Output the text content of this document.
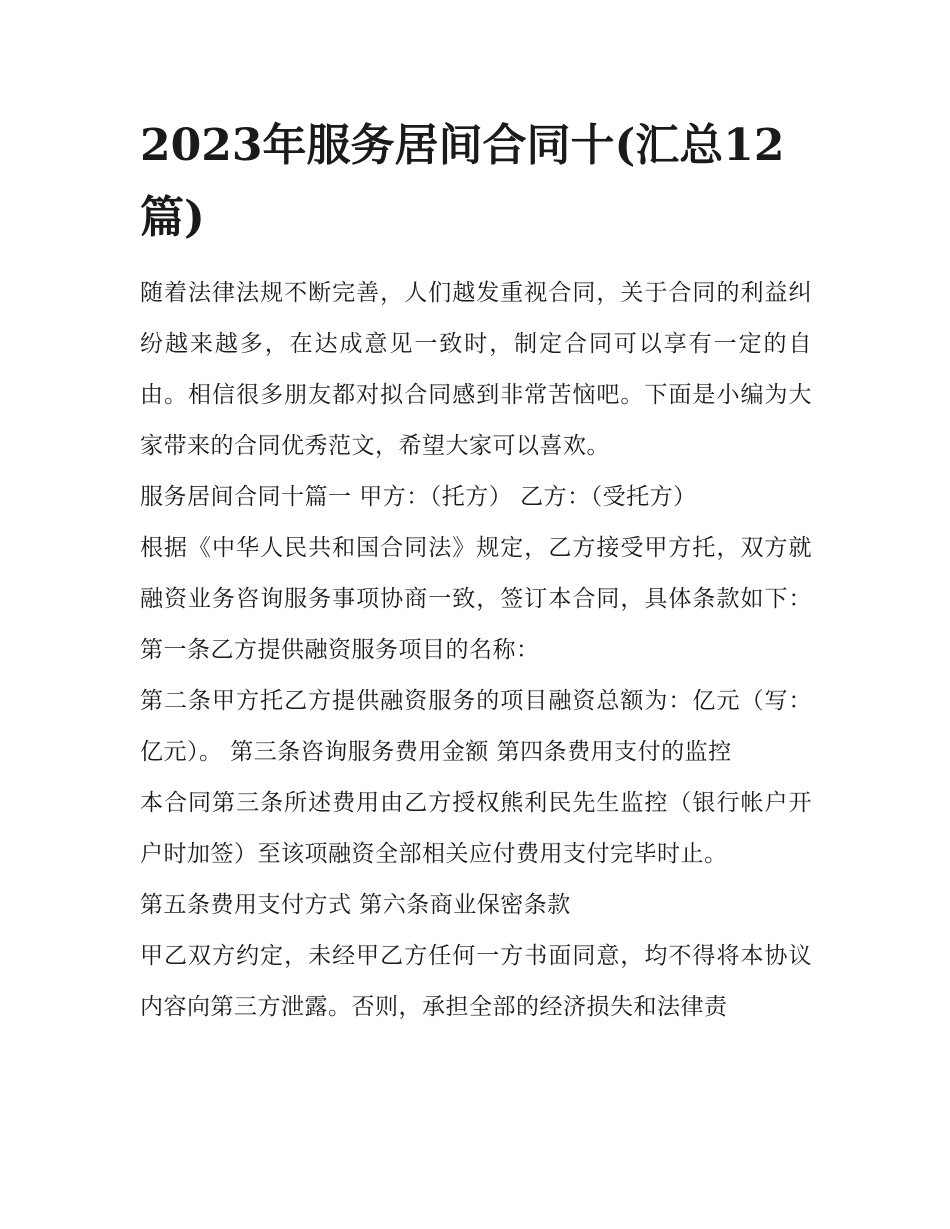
2023年服务居间合同十(汇总12篇)

随着法律法规不断完善，人们越发重视合同，关于合同的利益纠纷越来越多，在达成意见一致时，制定合同可以享有一定的自由。相信很多朋友都对拟合同感到非常苦恼吧。下面是小编为大家带来的合同优秀范文，希望大家可以喜欢。

服务居间合同十篇一 甲方：（托方） 乙方：（受托方）

根据《中华人民共和国合同法》规定，乙方接受甲方托，双方就融资业务咨询服务事项协商一致，签订本合同，具体条款如下： 第一条乙方提供融资服务项目的名称：

第二条甲方托乙方提供融资服务的项目融资总额为：亿元（写：亿元）。 第三条咨询服务费用金额 第四条费用支付的监控

本合同第三条所述费用由乙方授权熊利民先生监控（银行帐户开户时加签）至该项融资全部相关应付费用支付完毕时止。

第五条费用支付方式 第六条商业保密条款

甲乙双方约定，未经甲乙方任何一方书面同意，均不得将本协议内容向第三方泄露。否则，承担全部的经济损失和法律责
